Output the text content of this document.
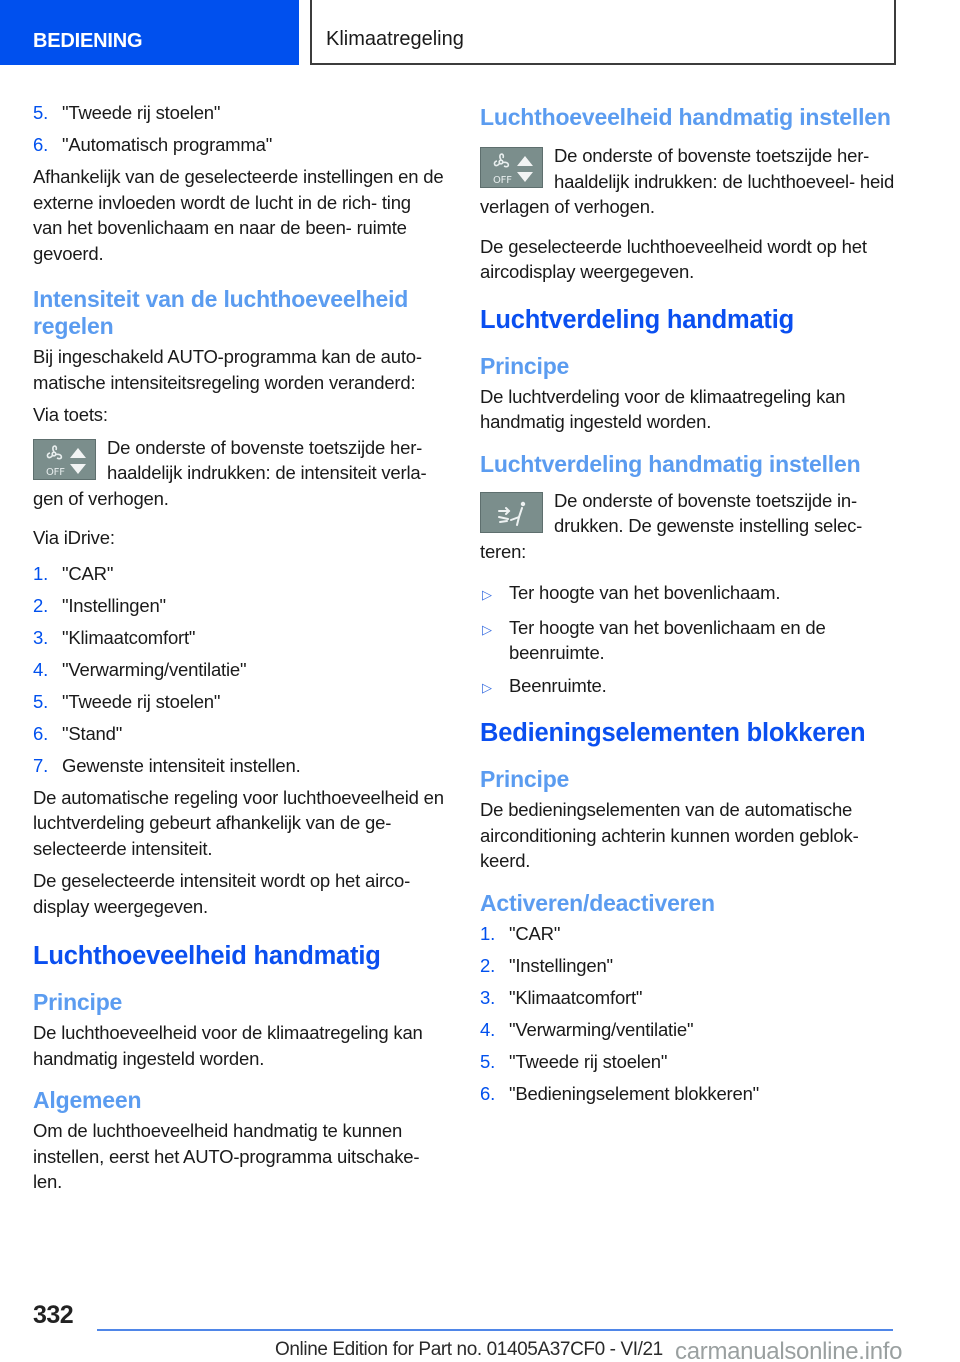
BEDIENING	Klimaatregeling
5. "Tweede rij stoelen"
6. "Automatisch programma"

Afhankelijk van de geselecteerde instellingen en de externe invloeden wordt de lucht in de rich- ting van het bovenlichaam en naar de been- ruimte gevoerd.

Intensiteit van de luchthoeveelheid regelen

Bij ingeschakeld AUTO-programma kan de auto- matische intensiteitsregeling worden veranderd:

Via toets:

OFF
De onderste of bovenste toetszijde her- haaldelijk indrukken: de intensiteit verla- gen of verhogen.

Via iDrive:

1. "CAR"
2. "Instellingen"
3. "Klimaatcomfort"
4. "Verwarming/ventilatie"
5. "Tweede rij stoelen"
6. "Stand"
7. Gewenste intensiteit instellen.

De automatische regeling voor luchthoeveelheid en luchtverdeling gebeurt afhankelijk van de ge- selecteerde intensiteit.

De geselecteerde intensiteit wordt op het airco- display weergegeven.

Luchthoeveelheid handmatig
Principe

De luchthoeveelheid voor de klimaatregeling kan handmatig ingesteld worden.

Algemeen

Om de luchthoeveelheid handmatig te kunnen instellen, eerst het AUTO-programma uitschake- len.

Luchthoeveelheid handmatig instellen
OFF
De onderste of bovenste toetszijde her- haaldelijk indrukken: de luchthoeveel- heid verlagen of verhogen.

De geselecteerde luchthoeveelheid wordt op het aircodisplay weergegeven.

Luchtverdeling handmatig
Principe

De luchtverdeling voor de klimaatregeling kan handmatig ingesteld worden.

Luchtverdeling handmatig instellen
De onderste of bovenste toetszijde in- drukken. De gewenste instelling selec- teren:
▷ Ter hoogte van het bovenlichaam.
▷ Ter hoogte van het bovenlichaam en de beenruimte.
▷ Beenruimte.
Bedieningselementen blokkeren
Principe

De bedieningselementen van de automatische airconditioning achterin kunnen worden geblok- keerd.

Activeren/deactiveren
1. "CAR"
2. "Instellingen"
3. "Klimaatcomfort"
4. "Verwarming/ventilatie"
5. "Tweede rij stoelen"
6. "Bedieningselement blokkeren"
332
Online Edition for Part no. 01405A37CF0 - VI/21 carmanualsonline.info
